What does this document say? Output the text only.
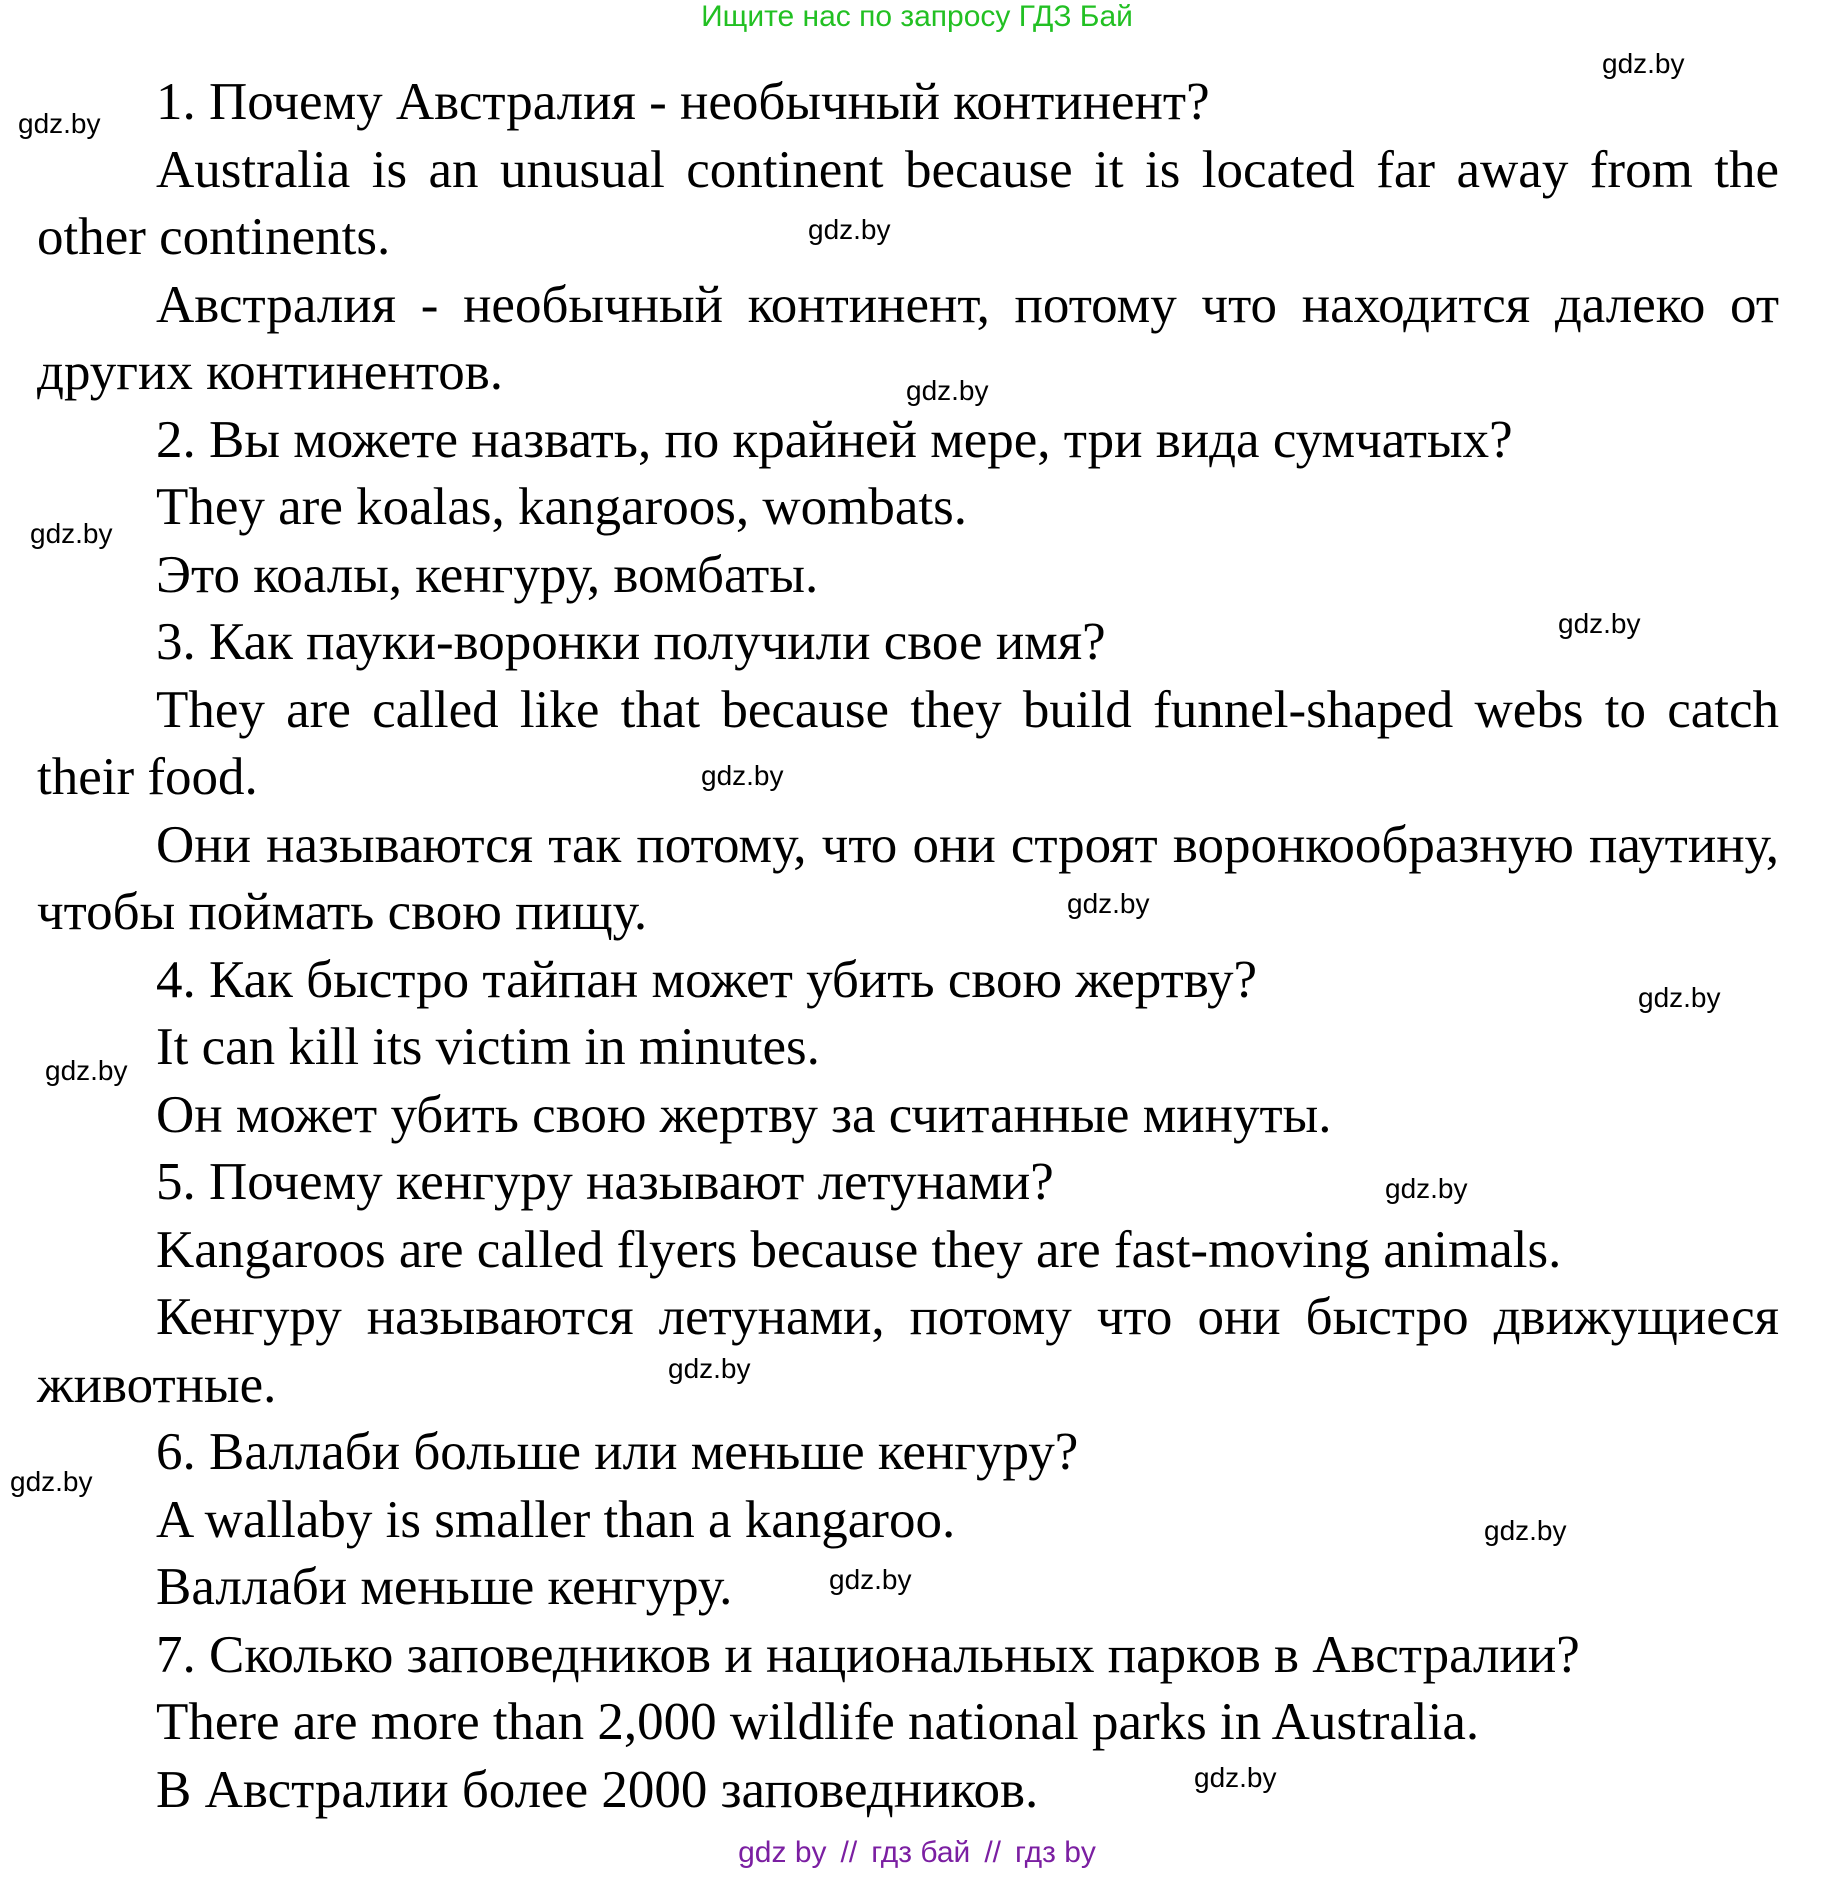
Ищите нас по запросу ГДЗ Бай

1. Почему Австралия - необычный континент?

Australia is an unusual continent because it is located far away from the other continents.

Австралия - необычный континент, потому что находится далеко от других континентов.

2. Вы можете назвать, по крайней мере, три вида сумчатых?

They are koalas, kangaroos, wombats.

Это коалы, кенгуру, вомбаты.

3. Как пауки-воронки получили свое имя?

They are called like that because they build funnel-shaped webs to catch their food.

Они называются так потому, что они строят воронкообразную паутину, чтобы поймать свою пищу.

4. Как быстро тайпан может убить свою жертву?

It can kill its victim in minutes.

Он может убить свою жертву за считанные минуты.

5. Почему кенгуру называют летунами?

Kangaroos are called flyers because they are fast-moving animals.

Кенгуру называются летунами, потому что они быстро движущиеся животные.

6. Валлаби больше или меньше кенгуру?

A wallaby is smaller than a kangaroo.

Валлаби меньше кенгуру.

7. Сколько заповедников и национальных парков в Австралии?

There are more than 2,000 wildlife national parks in Australia.

В Австралии более 2000 заповедников.

gdz.by
gdz.by
gdz.by
gdz.by
gdz.by
gdz.by
gdz.by
gdz.by
gdz.by
gdz.by
gdz.by
gdz.by
gdz.by
gdz.by
gdz.by
gdz.by
gdz by // гдз бай // гдз by
